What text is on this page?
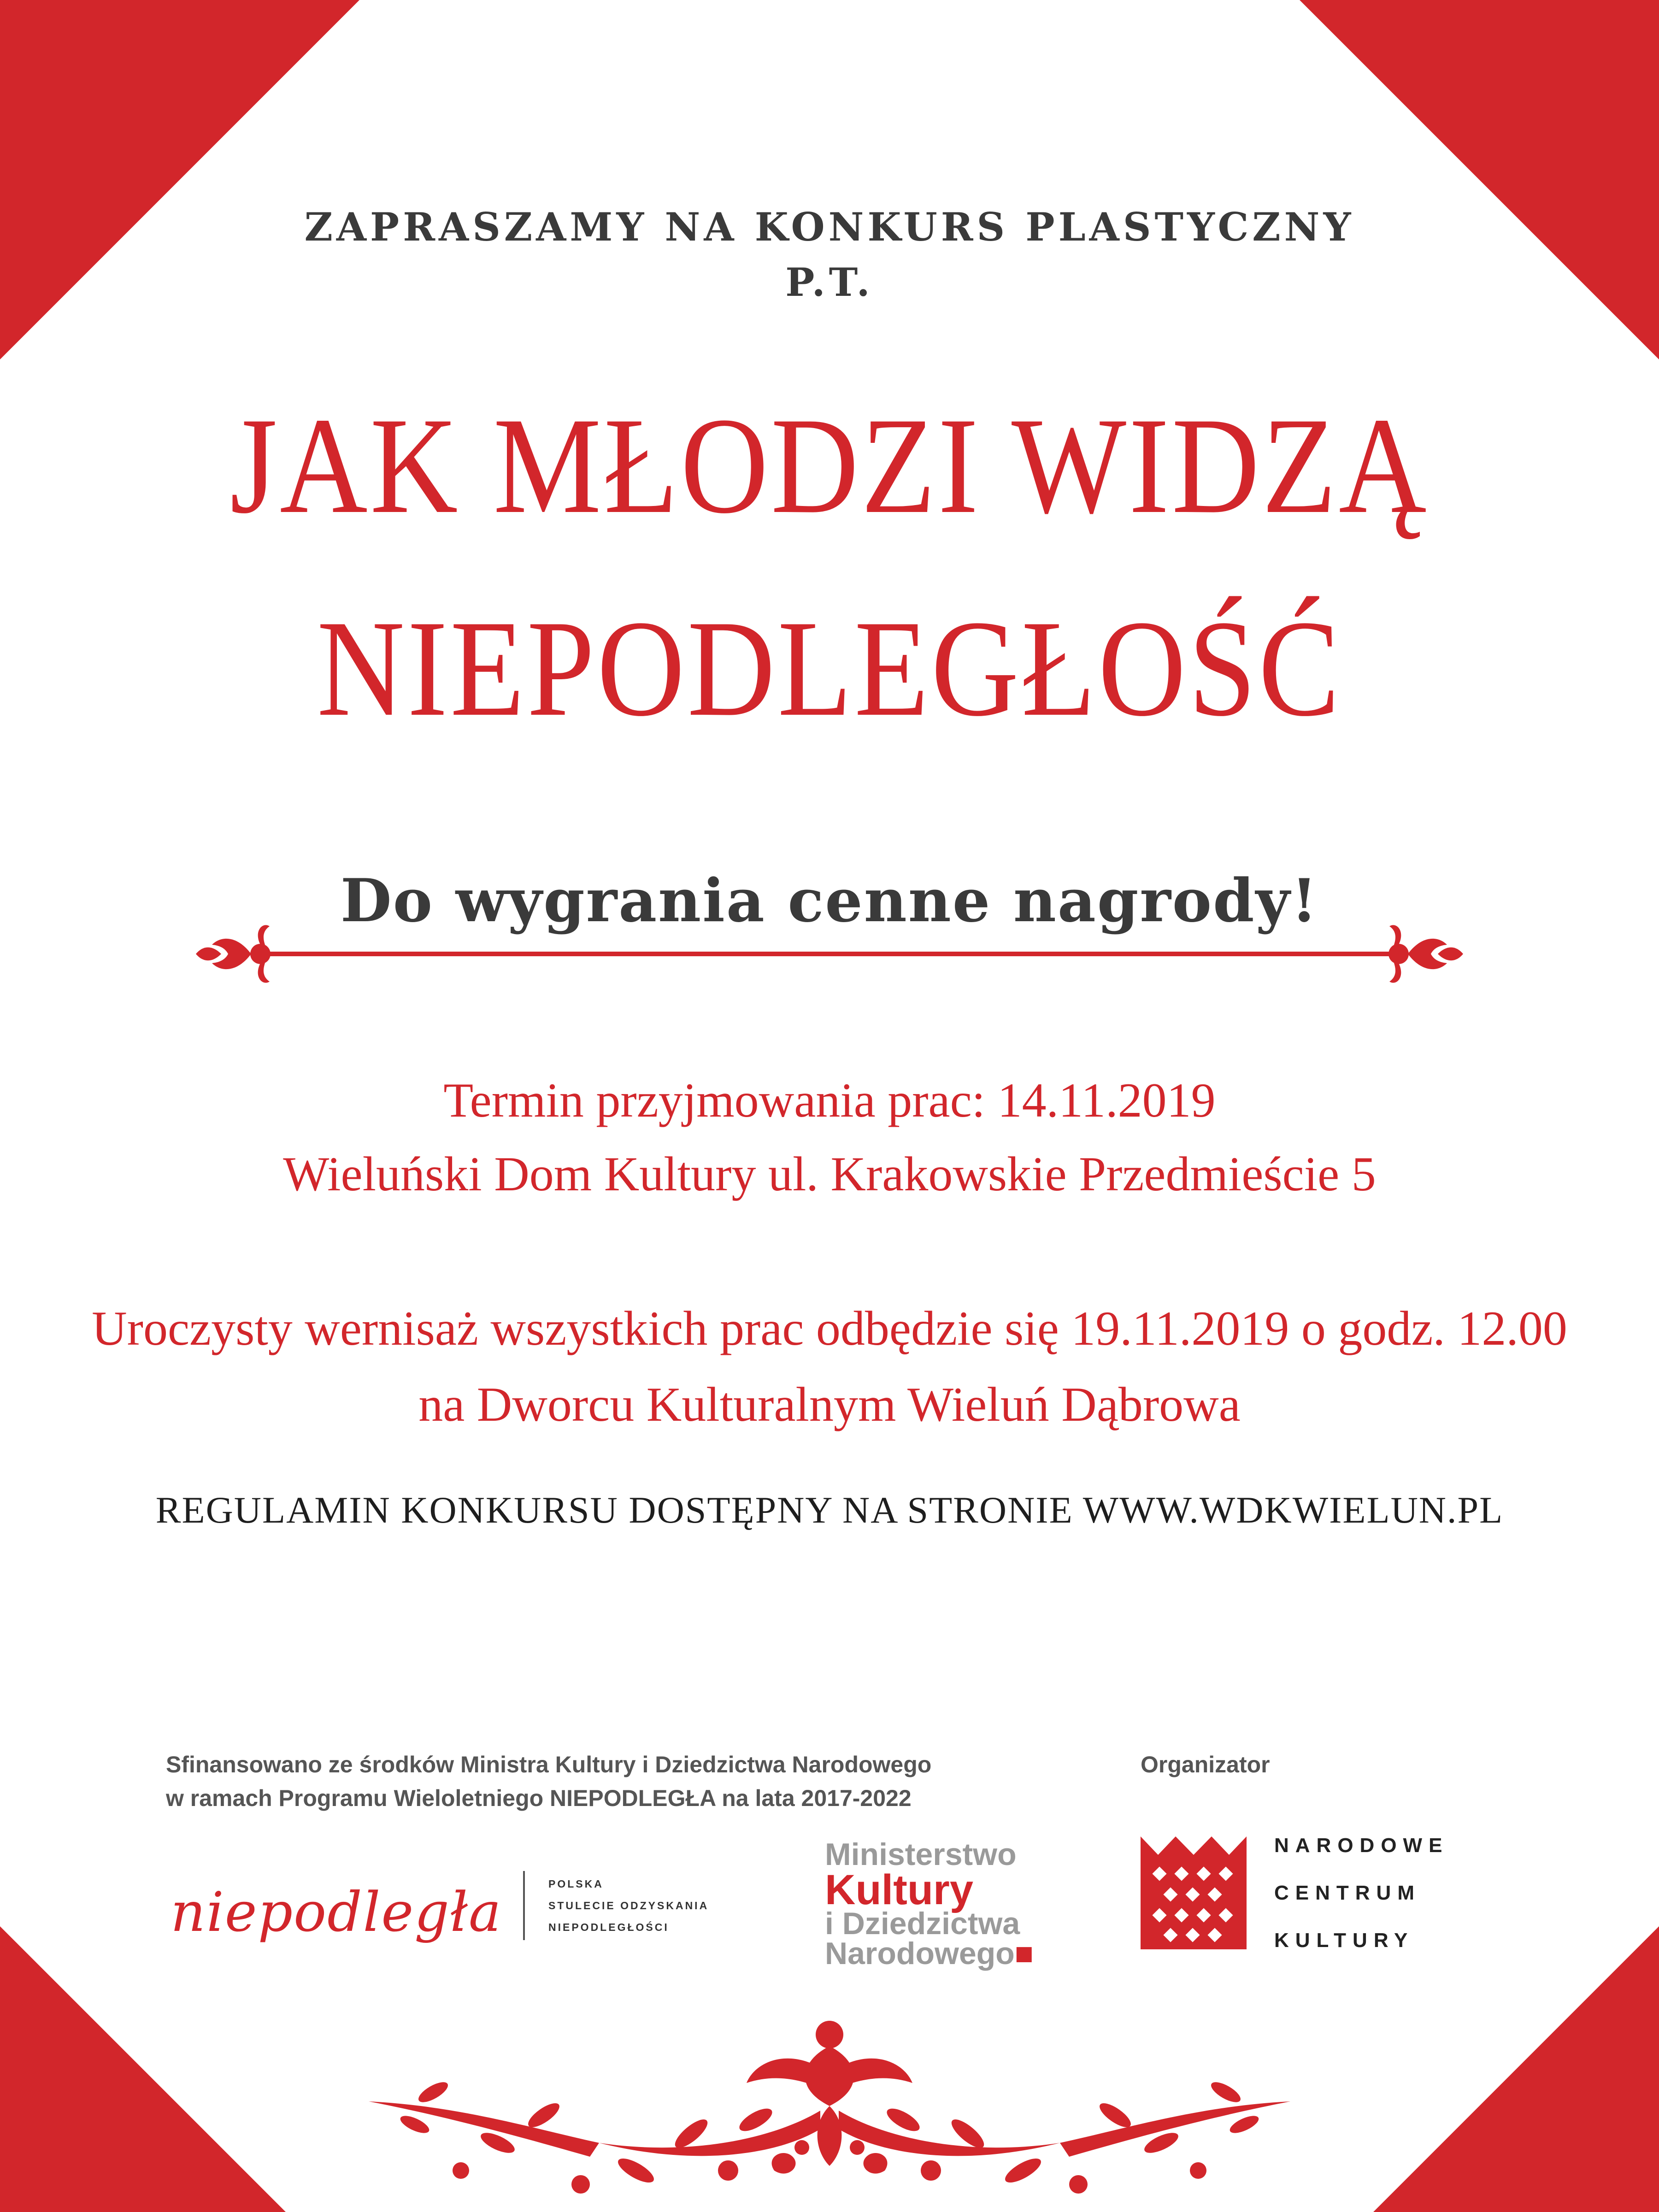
ZAPRASZAMY NA KONKURS PLASTYCZNY
P.T.
JAK MŁODZI WIDZĄ
NIEPODLEGŁOŚĆ
Do wygrania cenne nagrody!
Termin przyjmowania prac: 14.11.2019
Wieluński Dom Kultury ul. Krakowskie Przedmieście 5
Uroczysty wernisaż wszystkich prac odbędzie się 19.11.2019 o godz. 12.00
na Dworcu Kulturalnym Wieluń Dąbrowa
REGULAMIN KONKURSU DOSTĘPNY NA STRONIE WWW.WDKWIELUN.PL
Sfinansowano ze środków Ministra Kultury i Dziedzictwa Narodowego
w ramach Programu Wieloletniego NIEPODLEGŁA na lata 2017-2022
Organizator
niepodległa	POLSKA
STULECIE ODZYSKANIA
NIEPODLEGŁOŚCI
Ministerstwo
Kultury
i Dziedzictwa
Narodowego■
NARODOWE
CENTRUM
KULTURY
